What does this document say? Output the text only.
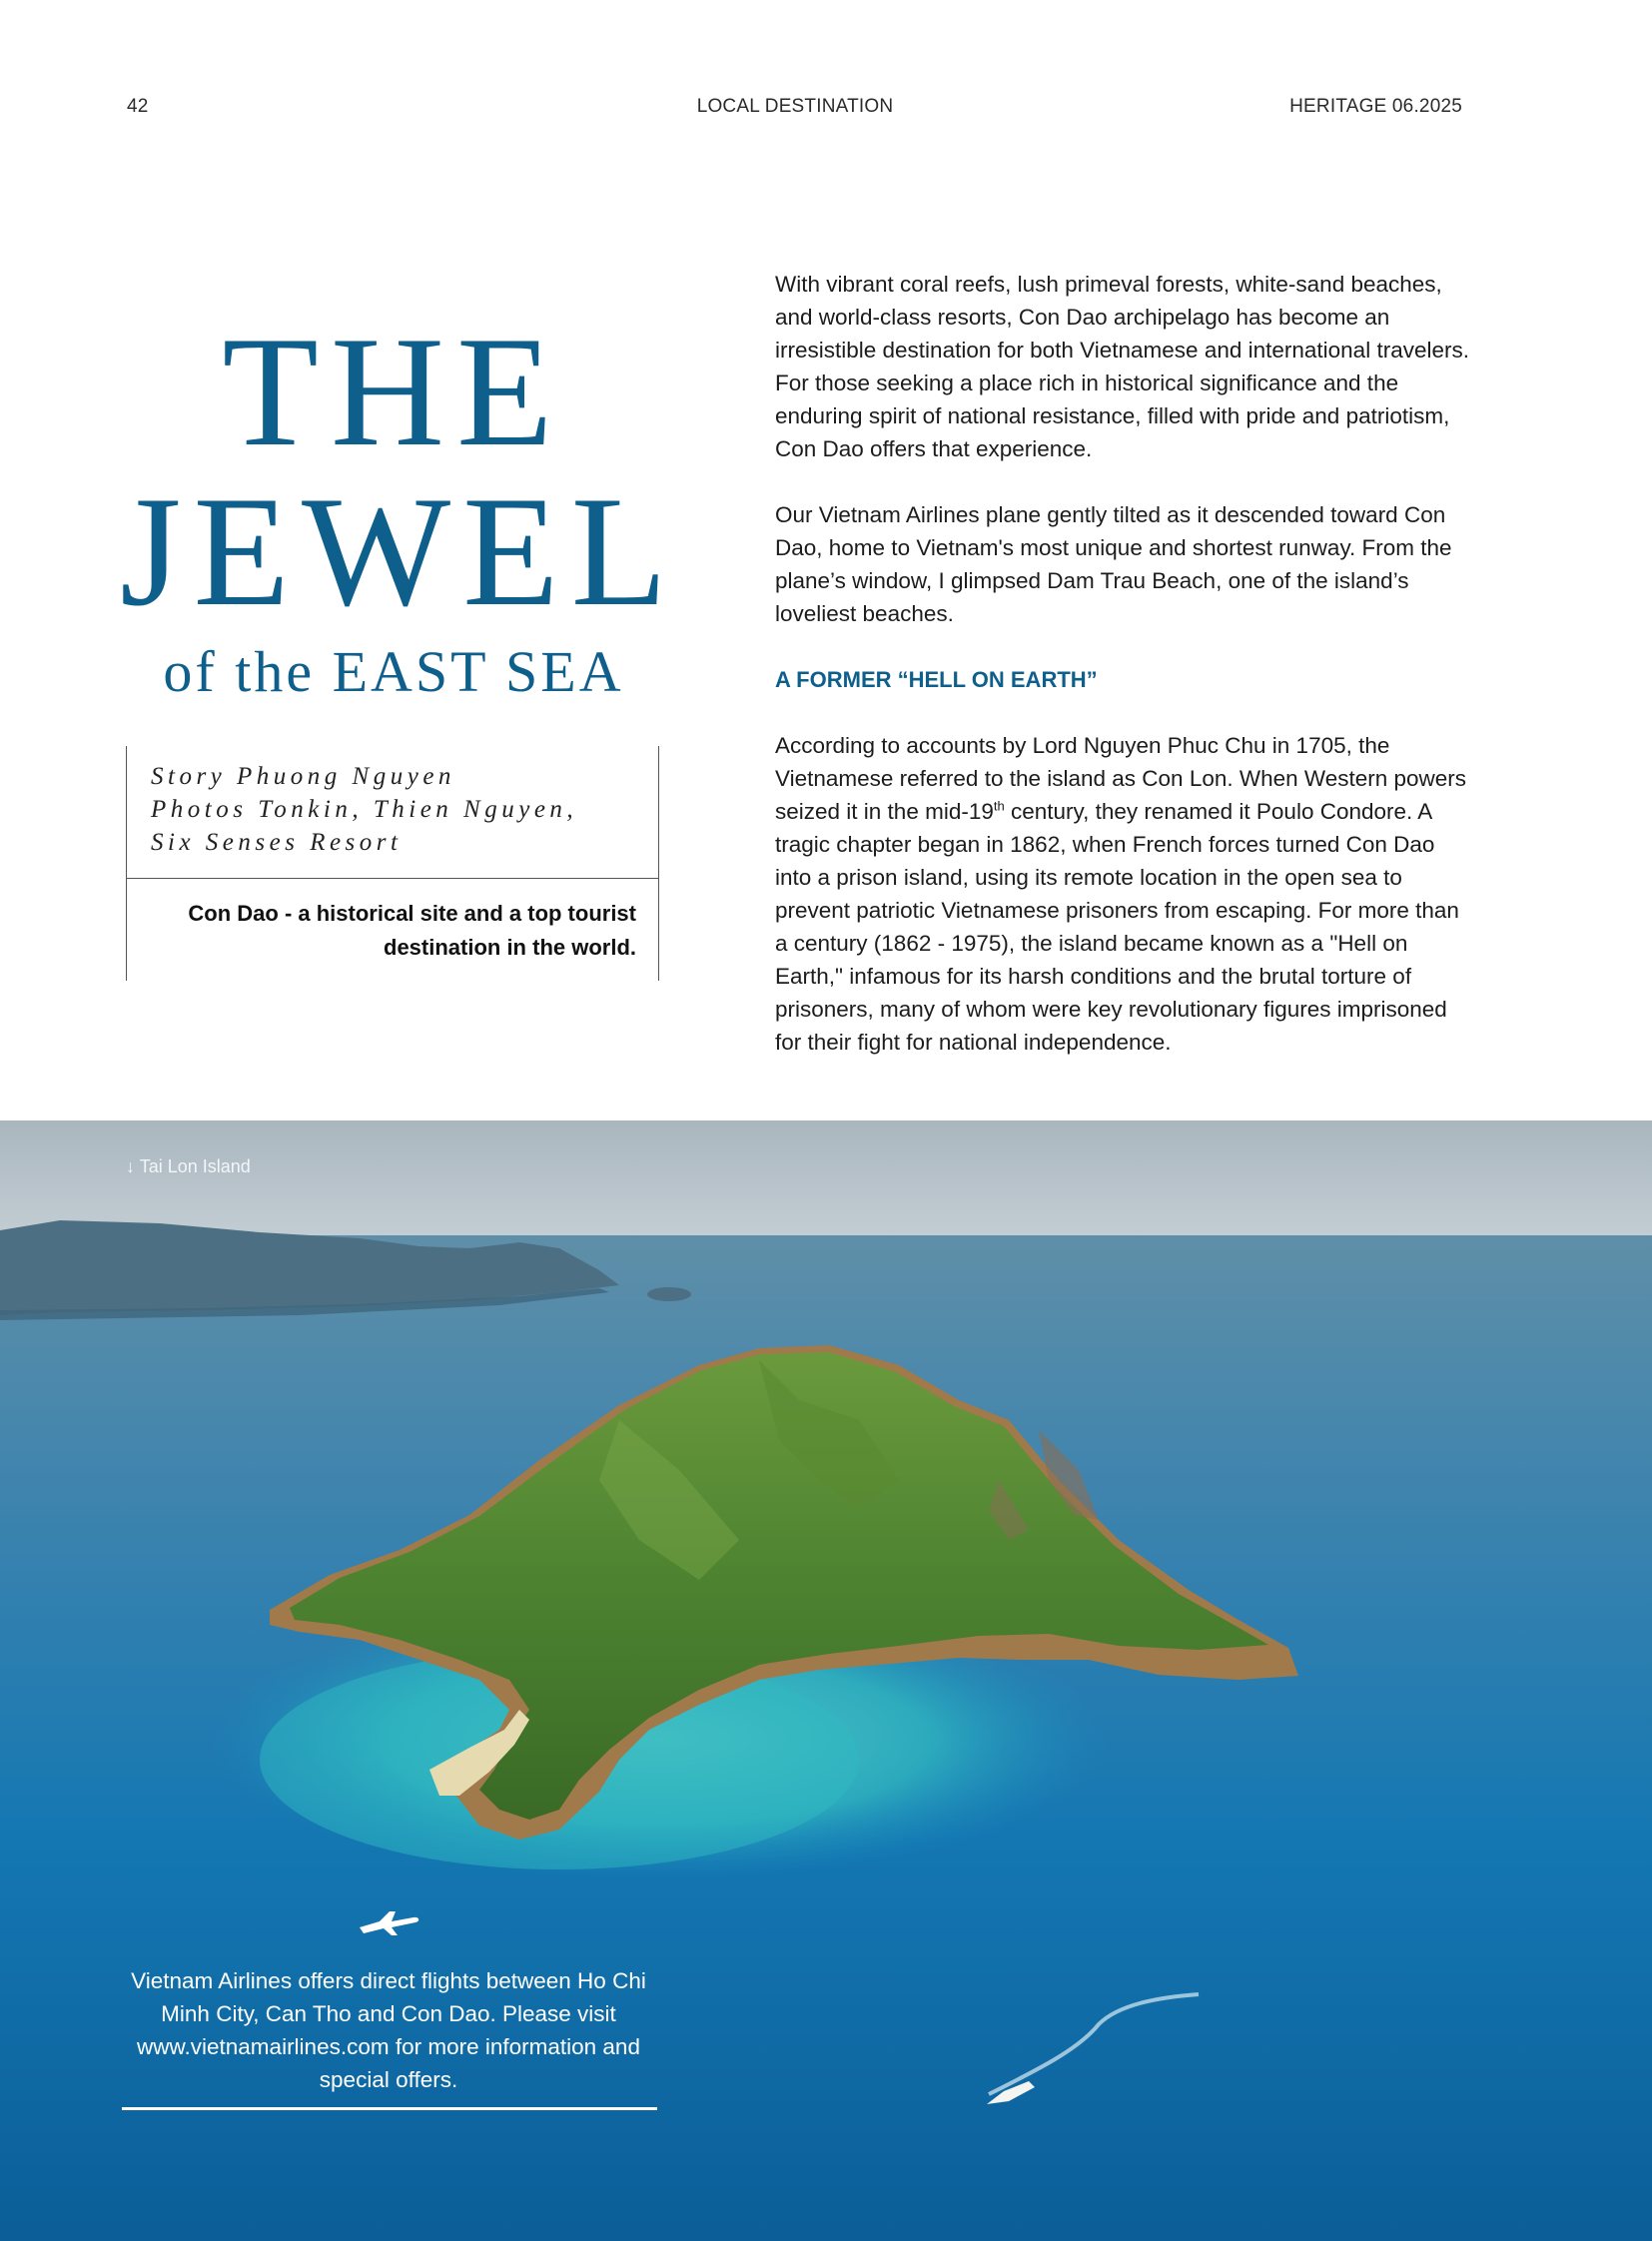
42	LOCAL DESTINATION	HERITAGE 06.2025
THE
JEWEL
of the EAST SEA
Story Phuong Nguyen
Photos Tonkin, Thien Nguyen,
Six Senses Resort
Con Dao - a historical site and a top tourist destination in the world.

With vibrant coral reefs, lush primeval forests, white-sand beaches, and world-class resorts, Con Dao archipelago has become an irresistible destination for both Vietnamese and international travelers. For those seeking a place rich in historical significance and the enduring spirit of national resistance, filled with pride and patriotism, Con Dao offers that experience.

Our Vietnam Airlines plane gently tilted as it descended toward Con Dao, home to Vietnam's most unique and shortest runway. From the plane’s window, I glimpsed Dam Trau Beach, one of the island’s loveliest beaches.

A FORMER “HELL ON EARTH”

According to accounts by Lord Nguyen Phuc Chu in 1705, the Vietnamese referred to the island as Con Lon. When Western powers seized it in the mid-19th century, they renamed it Poulo Condore. A tragic chapter began in 1862, when French forces turned Con Dao into a prison island, using its remote location in the open sea to prevent patriotic Vietnamese prisoners from escaping. For more than a century (1862 - 1975), the island became known as a "Hell on Earth," infamous for its harsh conditions and the brutal torture of prisoners, many of whom were key revolutionary figures imprisoned for their fight for national independence.

↓ Tai Lon Island
Vietnam Airlines offers direct flights between Ho Chi Minh City, Can Tho and Con Dao. Please visit www.vietnamairlines.com for more information and special offers.
